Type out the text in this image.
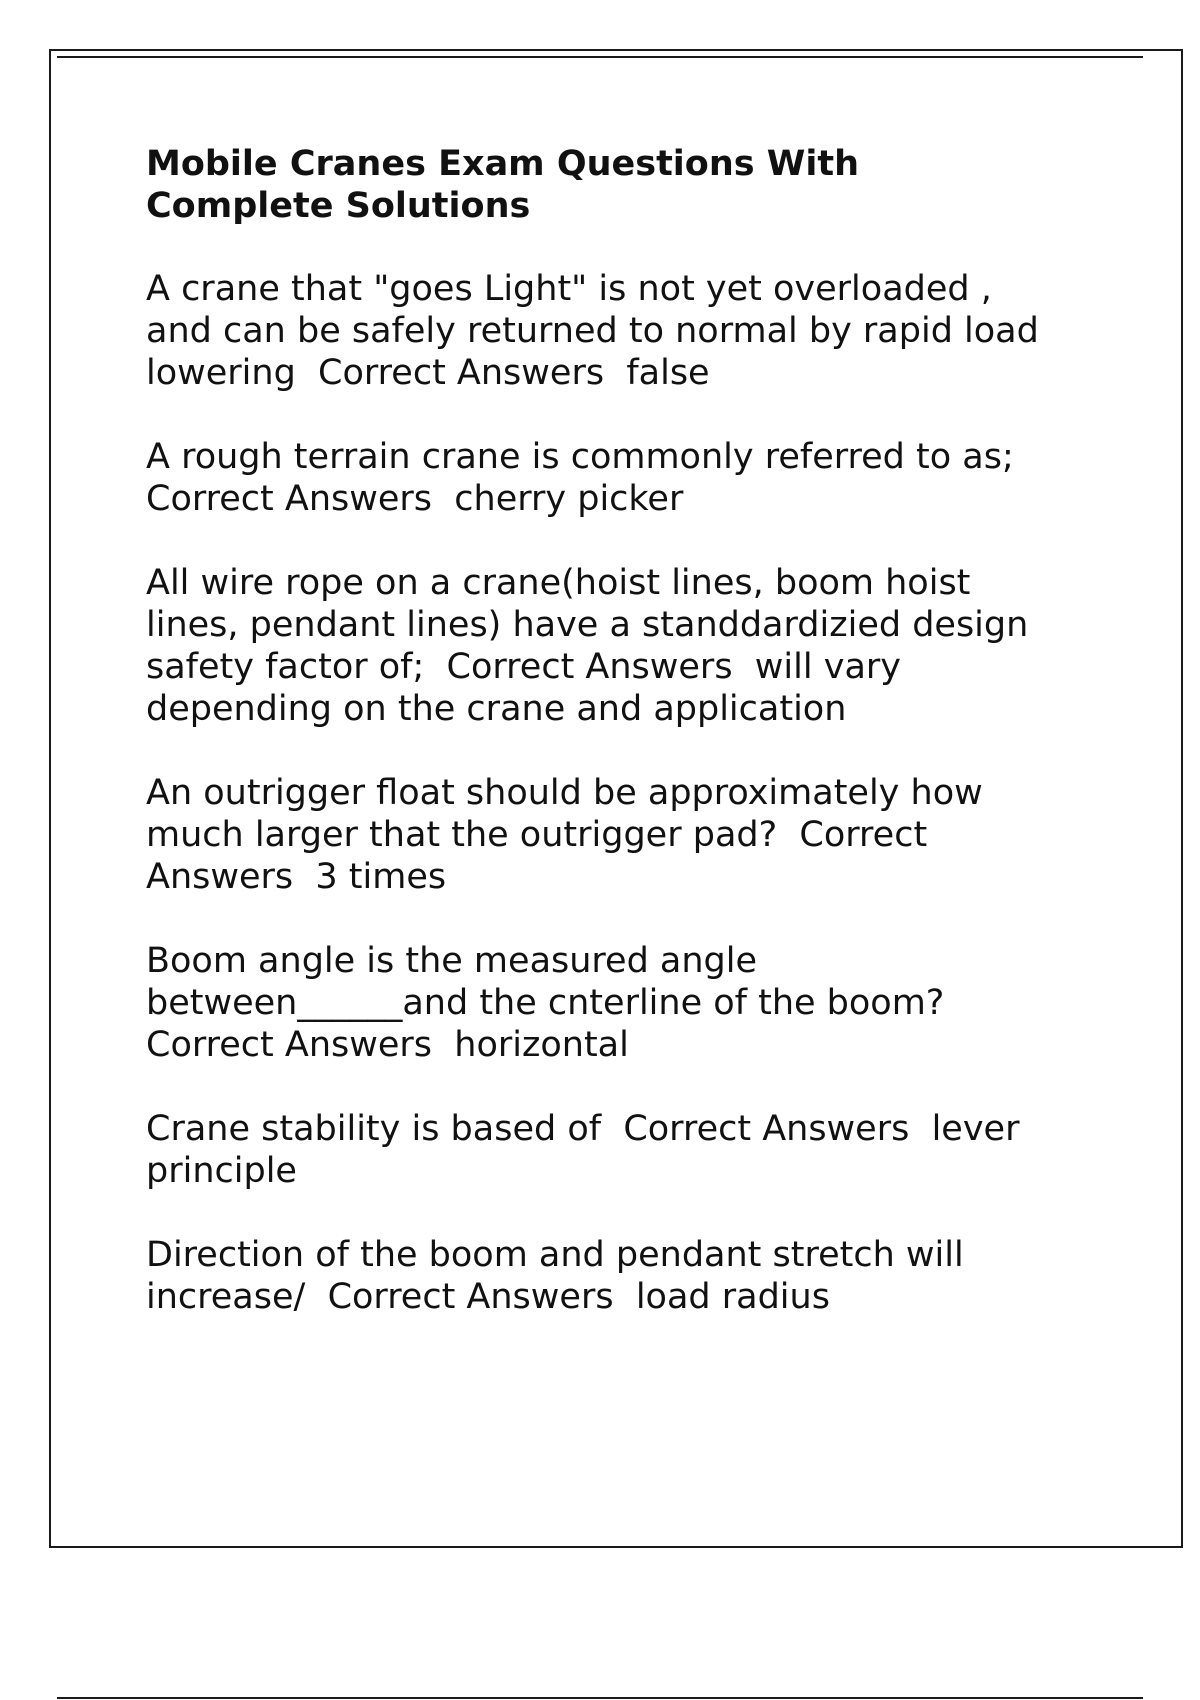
Mobile Cranes Exam Questions With Complete Solutions

A crane that "goes Light" is not yet overloaded ,
and can be safely returned to normal by rapid load
lowering  Correct Answers  false

A rough terrain crane is commonly referred to as;
Correct Answers  cherry picker

All wire rope on a crane(hoist lines, boom hoist
lines, pendant lines) have a standdardizied design
safety factor of;  Correct Answers  will vary
depending on the crane and application

An outrigger float should be approximately how
much larger that the outrigger pad?  Correct
Answers  3 times

Boom angle is the measured angle
between______and the cnterline of the boom?
Correct Answers  horizontal

Crane stability is based of  Correct Answers  lever
principle

Direction of the boom and pendant stretch will
increase/  Correct Answers  load radius
